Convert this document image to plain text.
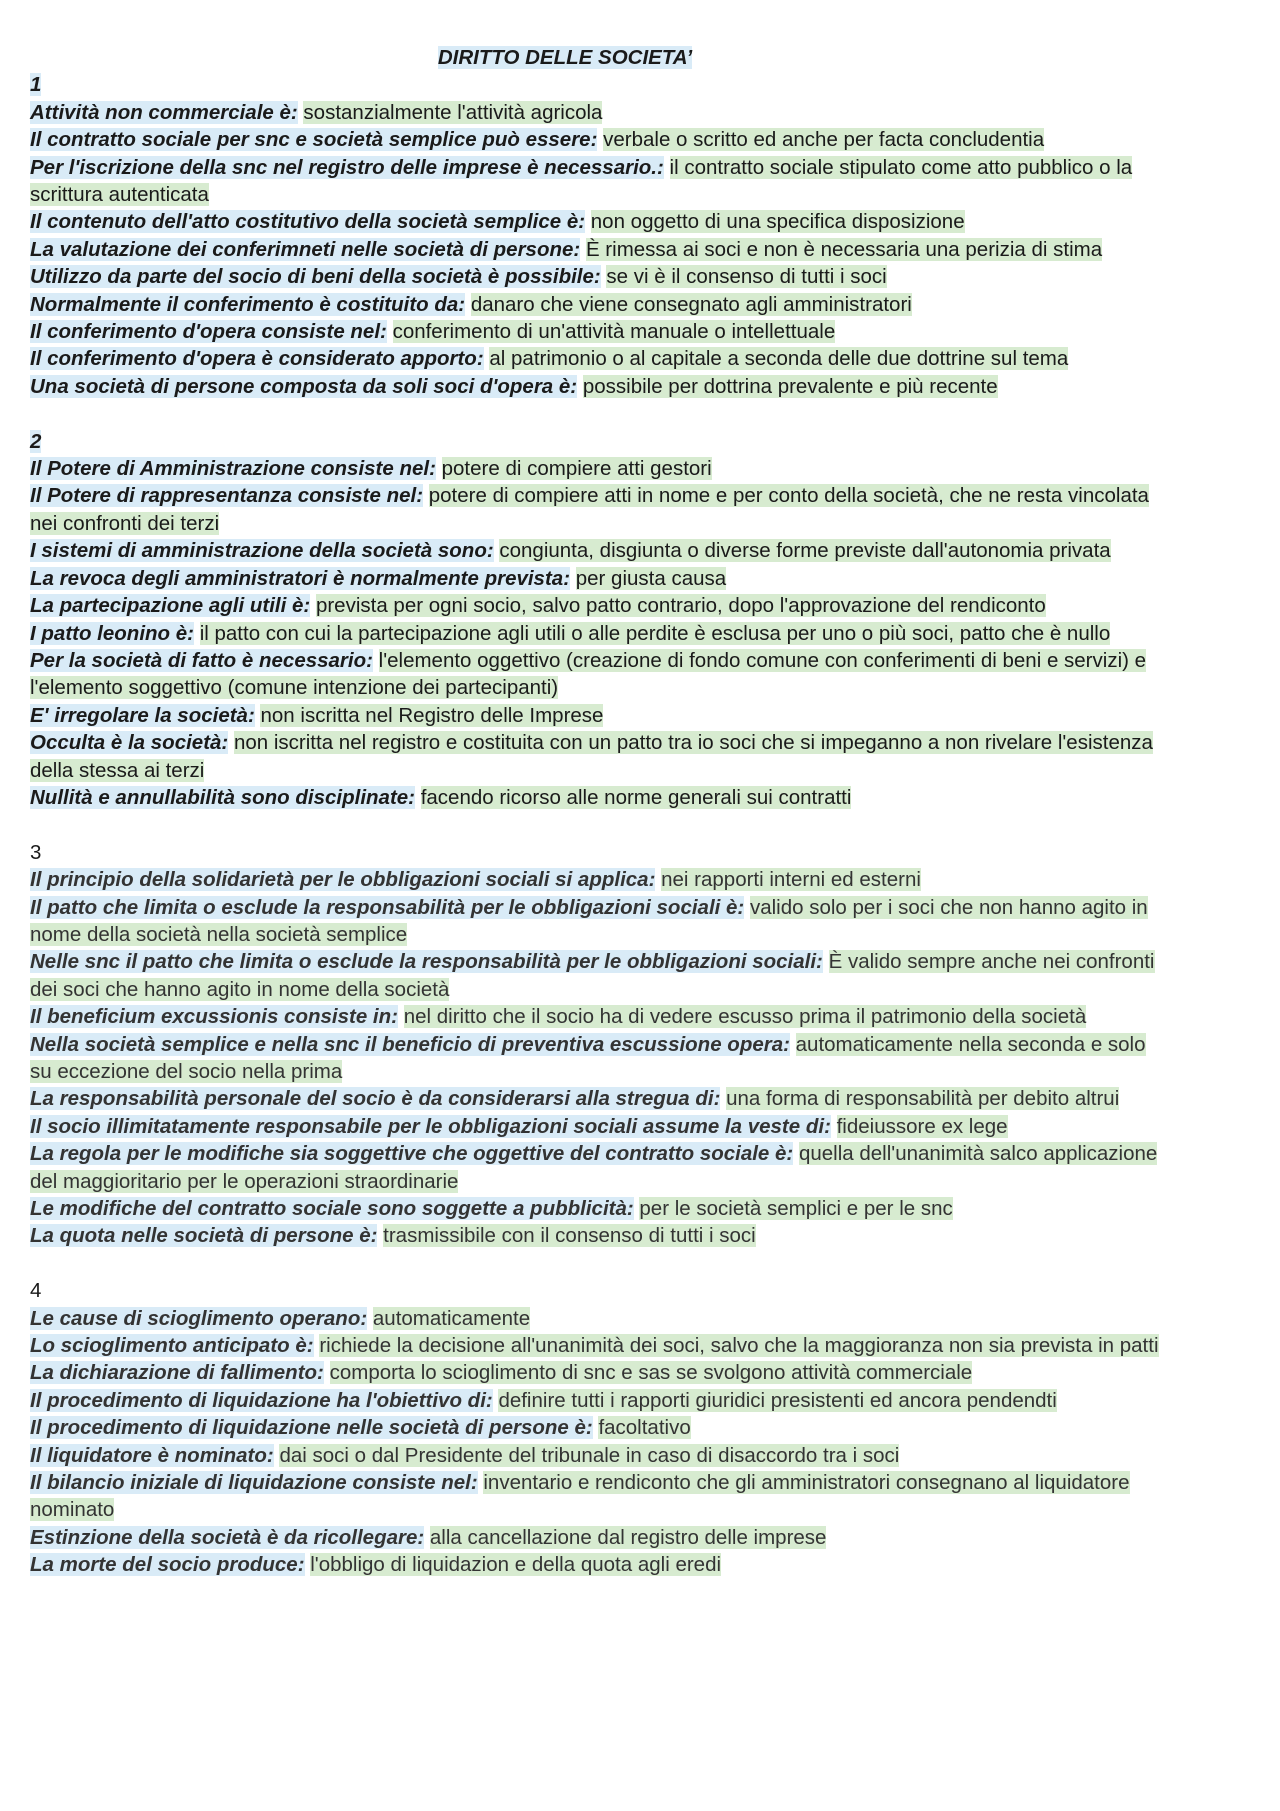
DIRITTO DELLE SOCIETA’

1

Attività non commerciale è: sostanzialmente l'attività agricola

Il contratto sociale per snc e società semplice può essere: verbale o scritto ed anche per facta concludentia

Per l'iscrizione della snc nel registro delle imprese è necessario.: il contratto sociale stipulato come atto pubblico o la scrittura autenticata

Il contenuto dell'atto costitutivo della società semplice è: non oggetto di una specifica disposizione

La valutazione dei conferimneti nelle società di persone: È rimessa ai soci e non è necessaria una perizia di stima

Utilizzo da parte del socio di beni della società è possibile: se vi è il consenso di tutti i soci

Normalmente il conferimento è costituito da: danaro che viene consegnato agli amministratori

Il conferimento d'opera consiste nel: conferimento di un'attività manuale o intellettuale

Il conferimento d'opera è considerato apporto: al patrimonio o al capitale a seconda delle due dottrine sul tema

Una società di persone composta da soli soci d'opera è: possibile per dottrina prevalente e più recente

2

Il Potere di Amministrazione consiste nel: potere di compiere atti gestori

Il Potere di rappresentanza consiste nel: potere di compiere atti in nome e per conto della società, che ne resta vincolata nei confronti dei terzi

I sistemi di amministrazione della società sono: congiunta, disgiunta o diverse forme previste dall'autonomia privata

La revoca degli amministratori è normalmente prevista: per giusta causa

La partecipazione agli utili è: prevista per ogni socio, salvo patto contrario, dopo l'approvazione del rendiconto

I patto leonino è: il patto con cui la partecipazione agli utili o alle perdite è esclusa per uno o più soci, patto che è nullo

Per la società di fatto è necessario: l'elemento oggettivo (creazione di fondo comune con conferimenti di beni e servizi) e l'elemento soggettivo (comune intenzione dei partecipanti)

E' irregolare la società: non iscritta nel Registro delle Imprese

Occulta è la società: non iscritta nel registro e costituita con un patto tra io soci che si impeganno a non rivelare l'esistenza della stessa ai terzi

Nullità e annullabilità sono disciplinate: facendo ricorso alle norme generali sui contratti

3

Il principio della solidarietà per le obbligazioni sociali si applica: nei rapporti interni ed esterni

Il patto che limita o esclude la responsabilità per le obbligazioni sociali è: valido solo per i soci che non hanno agito in nome della società nella società semplice

Nelle snc il patto che limita o esclude la responsabilità per le obbligazioni sociali: È valido sempre anche nei confronti dei soci che hanno agito in nome della società

Il beneficium excussionis consiste in: nel diritto che il socio ha di vedere escusso prima il patrimonio della società

Nella società semplice e nella snc il beneficio di preventiva escussione opera: automaticamente nella seconda e solo su eccezione del socio nella prima

La responsabilità personale del socio è da considerarsi alla stregua di: una forma di responsabilità per debito altrui

Il socio illimitatamente responsabile per le obbligazioni sociali assume la veste di: fideiussore ex lege

La regola per le modifiche sia soggettive che oggettive del contratto sociale è: quella dell'unanimità salco applicazione del maggioritario per le operazioni straordinarie

Le modifiche del contratto sociale sono soggette a pubblicità: per le società semplici e per le snc

La quota nelle società di persone è: trasmissibile con il consenso di tutti i soci

4

Le cause di scioglimento operano: automaticamente

Lo scioglimento anticipato è: richiede la decisione all'unanimità dei soci, salvo che la maggioranza non sia prevista in patti

La dichiarazione di fallimento: comporta lo scioglimento di snc e sas se svolgono attività commerciale

Il procedimento di liquidazione ha l'obiettivo di: definire tutti i rapporti giuridici presistenti ed ancora pendendti

Il procedimento di liquidazione nelle società di persone è: facoltativo

Il liquidatore è nominato: dai soci o dal Presidente del tribunale in caso di disaccordo tra i soci

Il bilancio iniziale di liquidazione consiste nel: inventario e rendiconto che gli amministratori consegnano al liquidatore nominato

Estinzione della società è da ricollegare: alla cancellazione dal registro delle imprese

La morte del socio produce: l'obbligo di liquidazion e della quota agli eredi
